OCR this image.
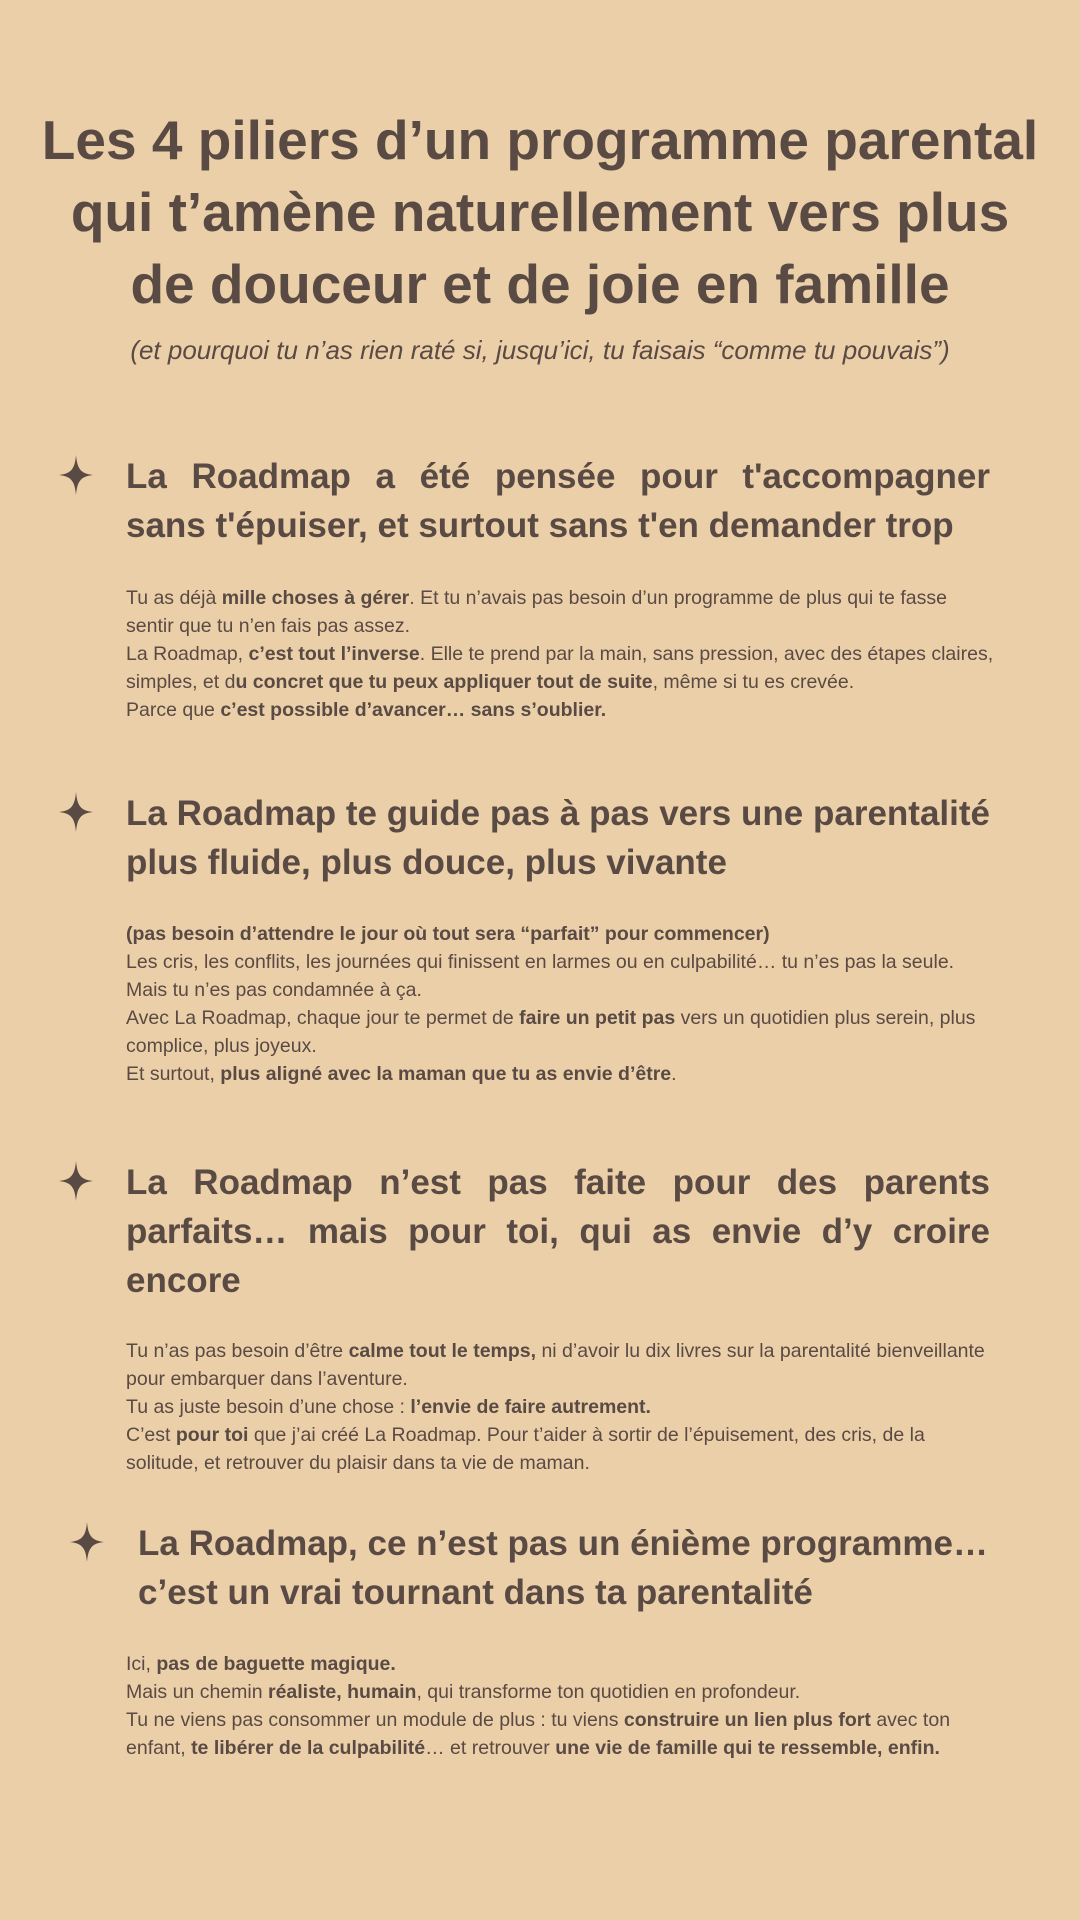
Les 4 piliers d’un programme parental qui t’amène naturellement vers plus de douceur et de joie en famille

(et pourquoi tu n’as rien raté si, jusqu’ici, tu faisais “comme tu pouvais”)

La Roadmap a été pensée pour t'accompagner sans t'épuiser, et surtout sans t'en demander trop

Tu as déjà mille choses à gérer. Et tu n’avais pas besoin d’un programme de plus qui te fasse sentir que tu n’en fais pas assez.

La Roadmap, c’est tout l’inverse. Elle te prend par la main, sans pression, avec des étapes claires, simples, et du concret que tu peux appliquer tout de suite, même si tu es crevée.

Parce que c’est possible d’avancer… sans s’oublier.

La Roadmap te guide pas à pas vers une parentalité plus fluide, plus douce, plus vivante

(pas besoin d’attendre le jour où tout sera “parfait” pour commencer)

Les cris, les conflits, les journées qui finissent en larmes ou en culpabilité… tu n’es pas la seule. Mais tu n’es pas condamnée à ça.

Avec La Roadmap, chaque jour te permet de faire un petit pas vers un quotidien plus serein, plus complice, plus joyeux.

Et surtout, plus aligné avec la maman que tu as envie d’être.

La Roadmap n’est pas faite pour des parents parfaits… mais pour toi, qui as envie d’y croire encore

Tu n’as pas besoin d’être calme tout le temps, ni d’avoir lu dix livres sur la parentalité bienveillante pour embarquer dans l’aventure.

Tu as juste besoin d’une chose : l’envie de faire autrement.

C’est pour toi que j’ai créé La Roadmap. Pour t’aider à sortir de l’épuisement, des cris, de la solitude, et retrouver du plaisir dans ta vie de maman.

La Roadmap, ce n’est pas un énième programme… c’est un vrai tournant dans ta parentalité

Ici, pas de baguette magique.

Mais un chemin réaliste, humain, qui transforme ton quotidien en profondeur.

Tu ne viens pas consommer un module de plus : tu viens construire un lien plus fort avec ton enfant, te libérer de la culpabilité… et retrouver une vie de famille qui te ressemble, enfin.
